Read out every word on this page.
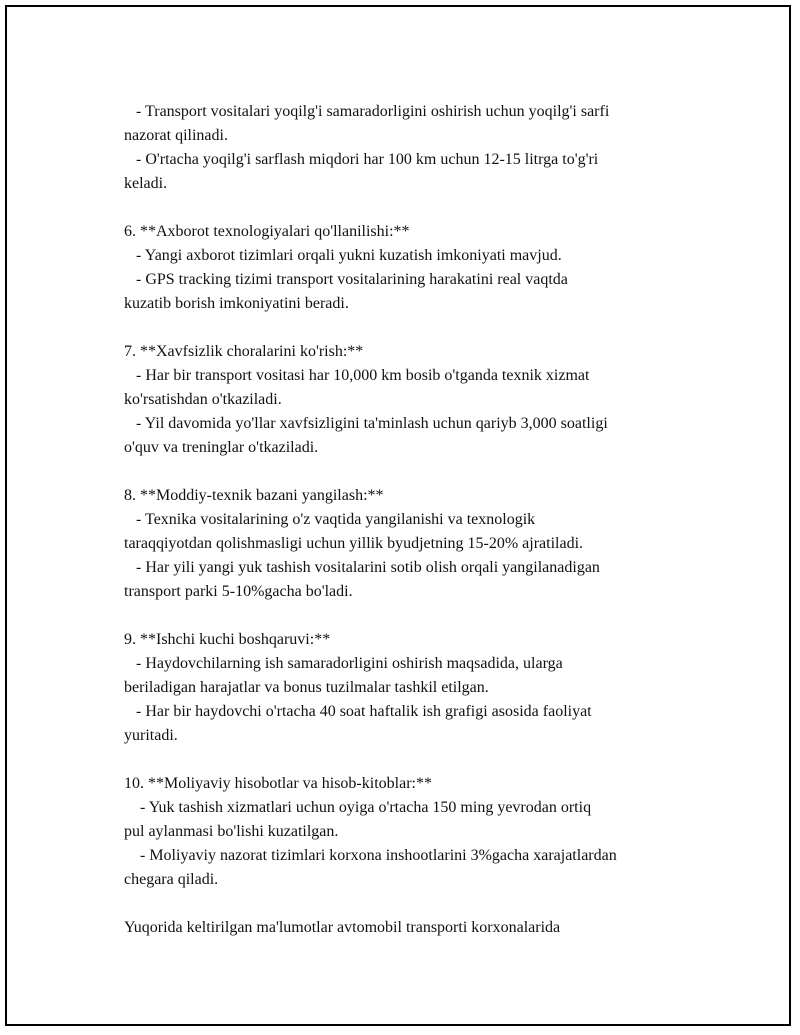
- Transport vositalari yoqilg'i samaradorligini oshirish uchun yoqilg'i sarfi
nazorat qilinadi.
- O'rtacha yoqilg'i sarflash miqdori har 100 km uchun 12-15 litrga to'g'ri
keladi.
6. **Axborot texnologiyalari qo'llanilishi:**
- Yangi axborot tizimlari orqali yukni kuzatish imkoniyati mavjud.
- GPS tracking tizimi transport vositalarining harakatini real vaqtda
kuzatib borish imkoniyatini beradi.
7. **Xavfsizlik choralarini ko'rish:**
- Har bir transport vositasi har 10,000 km bosib o'tganda texnik xizmat
ko'rsatishdan o'tkaziladi.
- Yil davomida yo'llar xavfsizligini ta'minlash uchun qariyb 3,000 soatligi
o'quv va treninglar o'tkaziladi.
8. **Moddiy-texnik bazani yangilash:**
- Texnika vositalarining o'z vaqtida yangilanishi va texnologik
taraqqiyotdan qolishmasligi uchun yillik byudjetning 15-20% ajratiladi.
- Har yili yangi yuk tashish vositalarini sotib olish orqali yangilanadigan
transport parki 5-10%gacha bo'ladi.
9. **Ishchi kuchi boshqaruvi:**
- Haydovchilarning ish samaradorligini oshirish maqsadida, ularga
beriladigan harajatlar va bonus tuzilmalar tashkil etilgan.
- Har bir haydovchi o'rtacha 40 soat haftalik ish grafigi asosida faoliyat
yuritadi.
10. **Moliyaviy hisobotlar va hisob-kitoblar:**
- Yuk tashish xizmatlari uchun oyiga o'rtacha 150 ming yevrodan ortiq
pul aylanmasi bo'lishi kuzatilgan.
- Moliyaviy nazorat tizimlari korxona inshootlarini 3%gacha xarajatlardan
chegara qiladi.
Yuqorida keltirilgan ma'lumotlar avtomobil transporti korxonalarida
